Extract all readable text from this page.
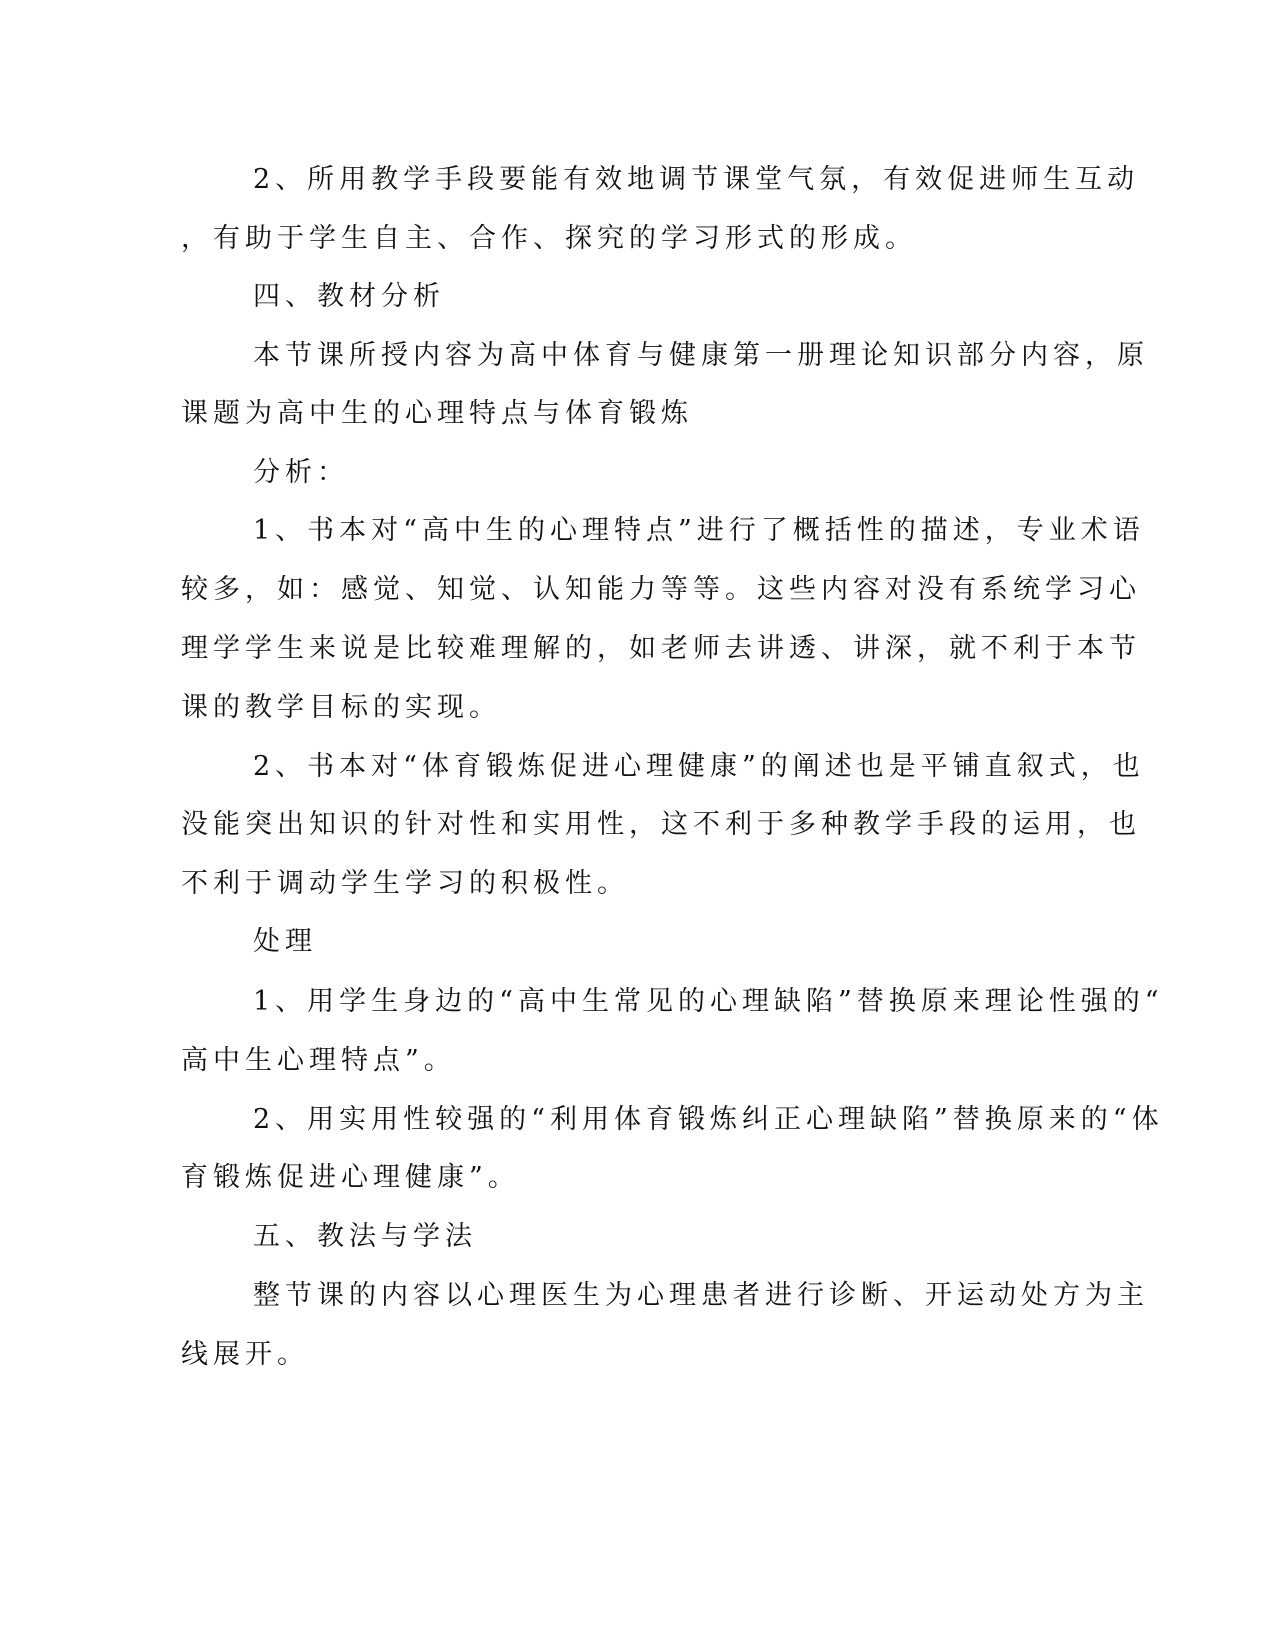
2、所用教学手段要能有效地调节课堂气氛，有效促进师生互动
，有助于学生自主、合作、探究的学习形式的形成。
四、教材分析
本节课所授内容为高中体育与健康第一册理论知识部分内容，原
课题为高中生的心理特点与体育锻炼
分析：
1、书本对“高中生的心理特点”进行了概括性的描述，专业术语
较多，如：感觉、知觉、认知能力等等。这些内容对没有系统学习心
理学学生来说是比较难理解的，如老师去讲透、讲深，就不利于本节
课的教学目标的实现。
2、书本对“体育锻炼促进心理健康”的阐述也是平铺直叙式，也
没能突出知识的针对性和实用性，这不利于多种教学手段的运用，也
不利于调动学生学习的积极性。
处理
1、用学生身边的“高中生常见的心理缺陷”替换原来理论性强的“
高中生心理特点”。
2、用实用性较强的“利用体育锻炼纠正心理缺陷”替换原来的“体
育锻炼促进心理健康”。
五、教法与学法
整节课的内容以心理医生为心理患者进行诊断、开运动处方为主
线展开。
